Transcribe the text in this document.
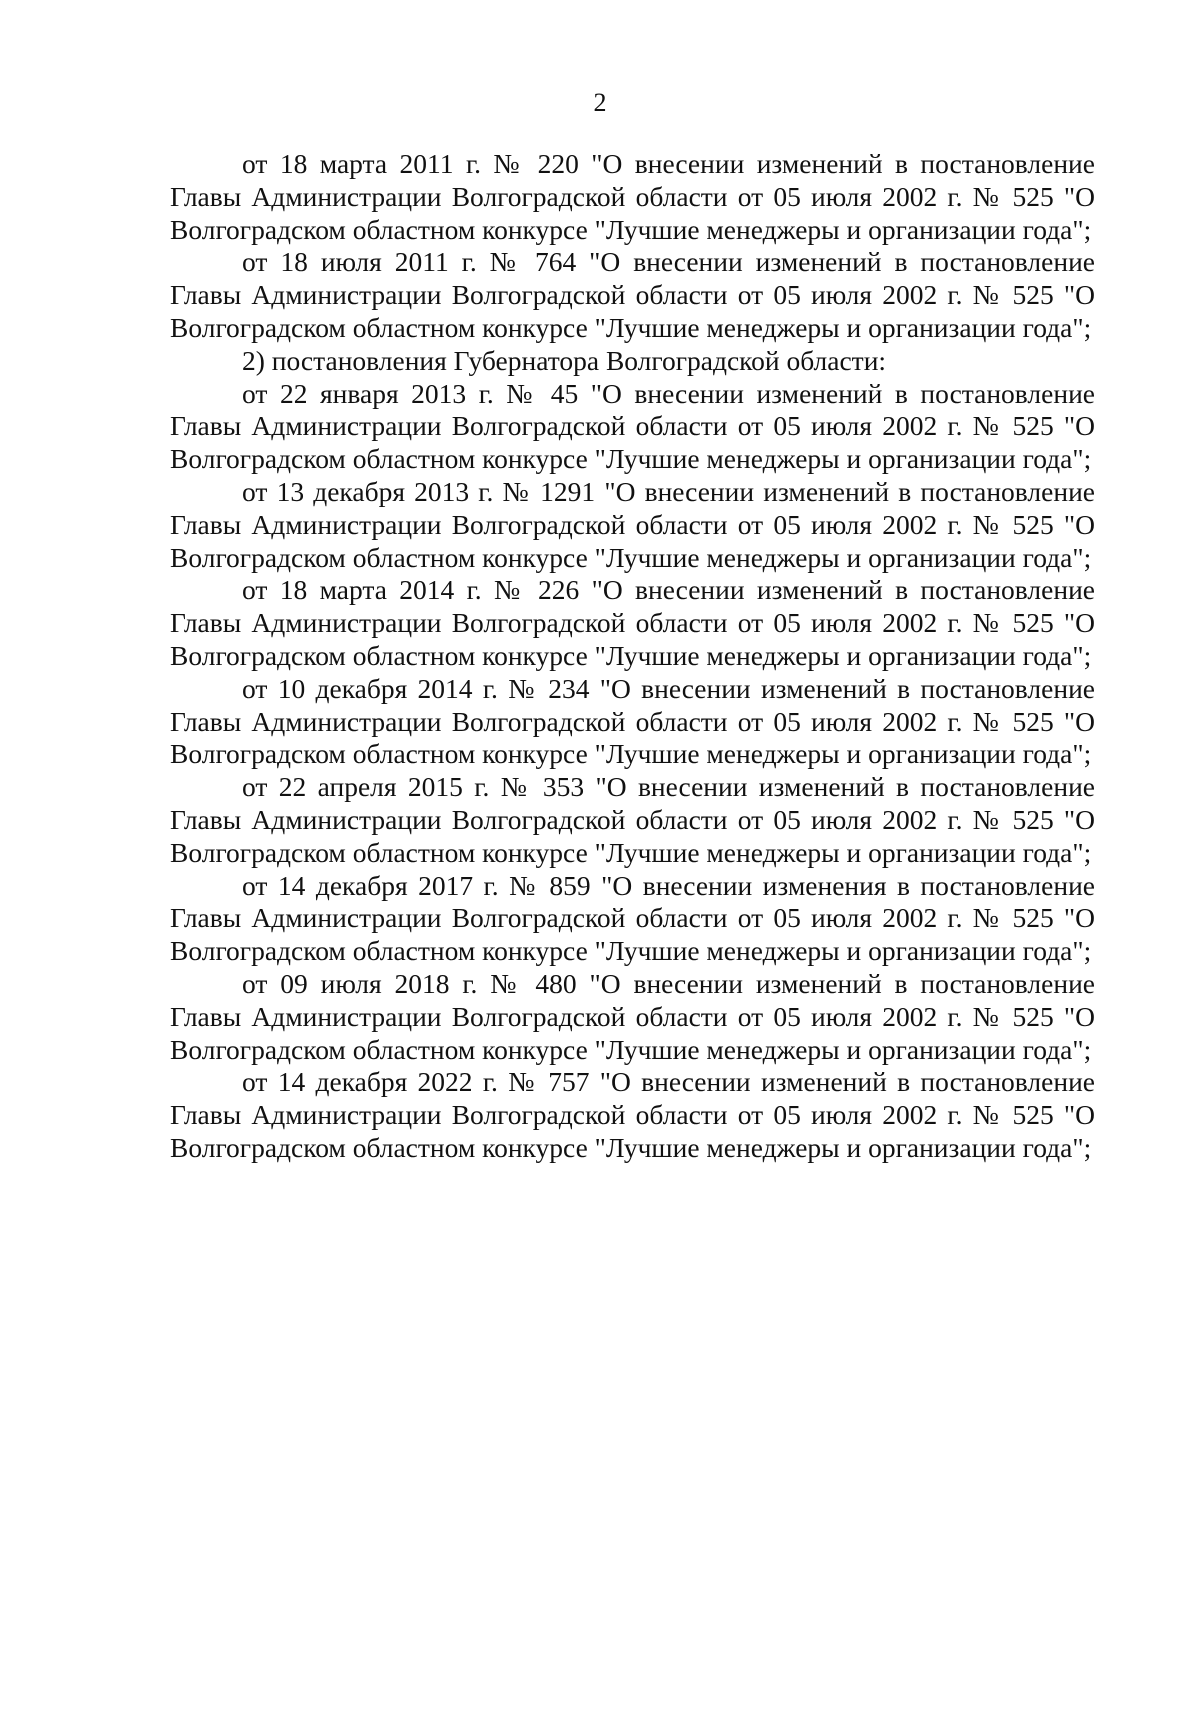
2

от 18 марта 2011 г. № 220 "О внесении изменений в постановление Главы Администрации Волгоградской области от 05 июля 2002 г. № 525 "О Волгоградском областном конкурсе "Лучшие менеджеры и организации года";

от 18 июля 2011 г. № 764 "О внесении изменений в постановление Главы Администрации Волгоградской области от 05 июля 2002 г. № 525 "О Волгоградском областном конкурсе "Лучшие менеджеры и организации года";

2) постановления Губернатора Волгоградской области:

от 22 января 2013 г. № 45 "О внесении изменений в постановление Главы Администрации Волгоградской области от 05 июля 2002 г. № 525 "О Волгоградском областном конкурсе "Лучшие менеджеры и организации года";

от 13 декабря 2013 г. № 1291 "О внесении изменений в постановление Главы Администрации Волгоградской области от 05 июля 2002 г. № 525 "О Волгоградском областном конкурсе "Лучшие менеджеры и организации года";

от 18 марта 2014 г. № 226 "О внесении изменений в постановление Главы Администрации Волгоградской области от 05 июля 2002 г. № 525 "О Волгоградском областном конкурсе "Лучшие менеджеры и организации года";

от 10 декабря 2014 г. № 234 "О внесении изменений в постановление Главы Администрации Волгоградской области от 05 июля 2002 г. № 525 "О Волгоградском областном конкурсе "Лучшие менеджеры и организации года";

от 22 апреля 2015 г. № 353 "О внесении изменений в постановление Главы Администрации Волгоградской области от 05 июля 2002 г. № 525 "О Волгоградском областном конкурсе "Лучшие менеджеры и организации года";

от 14 декабря 2017 г. № 859 "О внесении изменения в постановление Главы Администрации Волгоградской области от 05 июля 2002 г. № 525 "О Волгоградском областном конкурсе "Лучшие менеджеры и организации года";

от 09 июля 2018 г. № 480 "О внесении изменений в постановление Главы Администрации Волгоградской области от 05 июля 2002 г. № 525 "О Волгоградском областном конкурсе "Лучшие менеджеры и организации года";

от 14 декабря 2022 г. № 757 "О внесении изменений в постановление Главы Администрации Волгоградской области от 05 июля 2002 г. № 525 "О Волгоградском областном конкурсе "Лучшие менеджеры и организации года";
